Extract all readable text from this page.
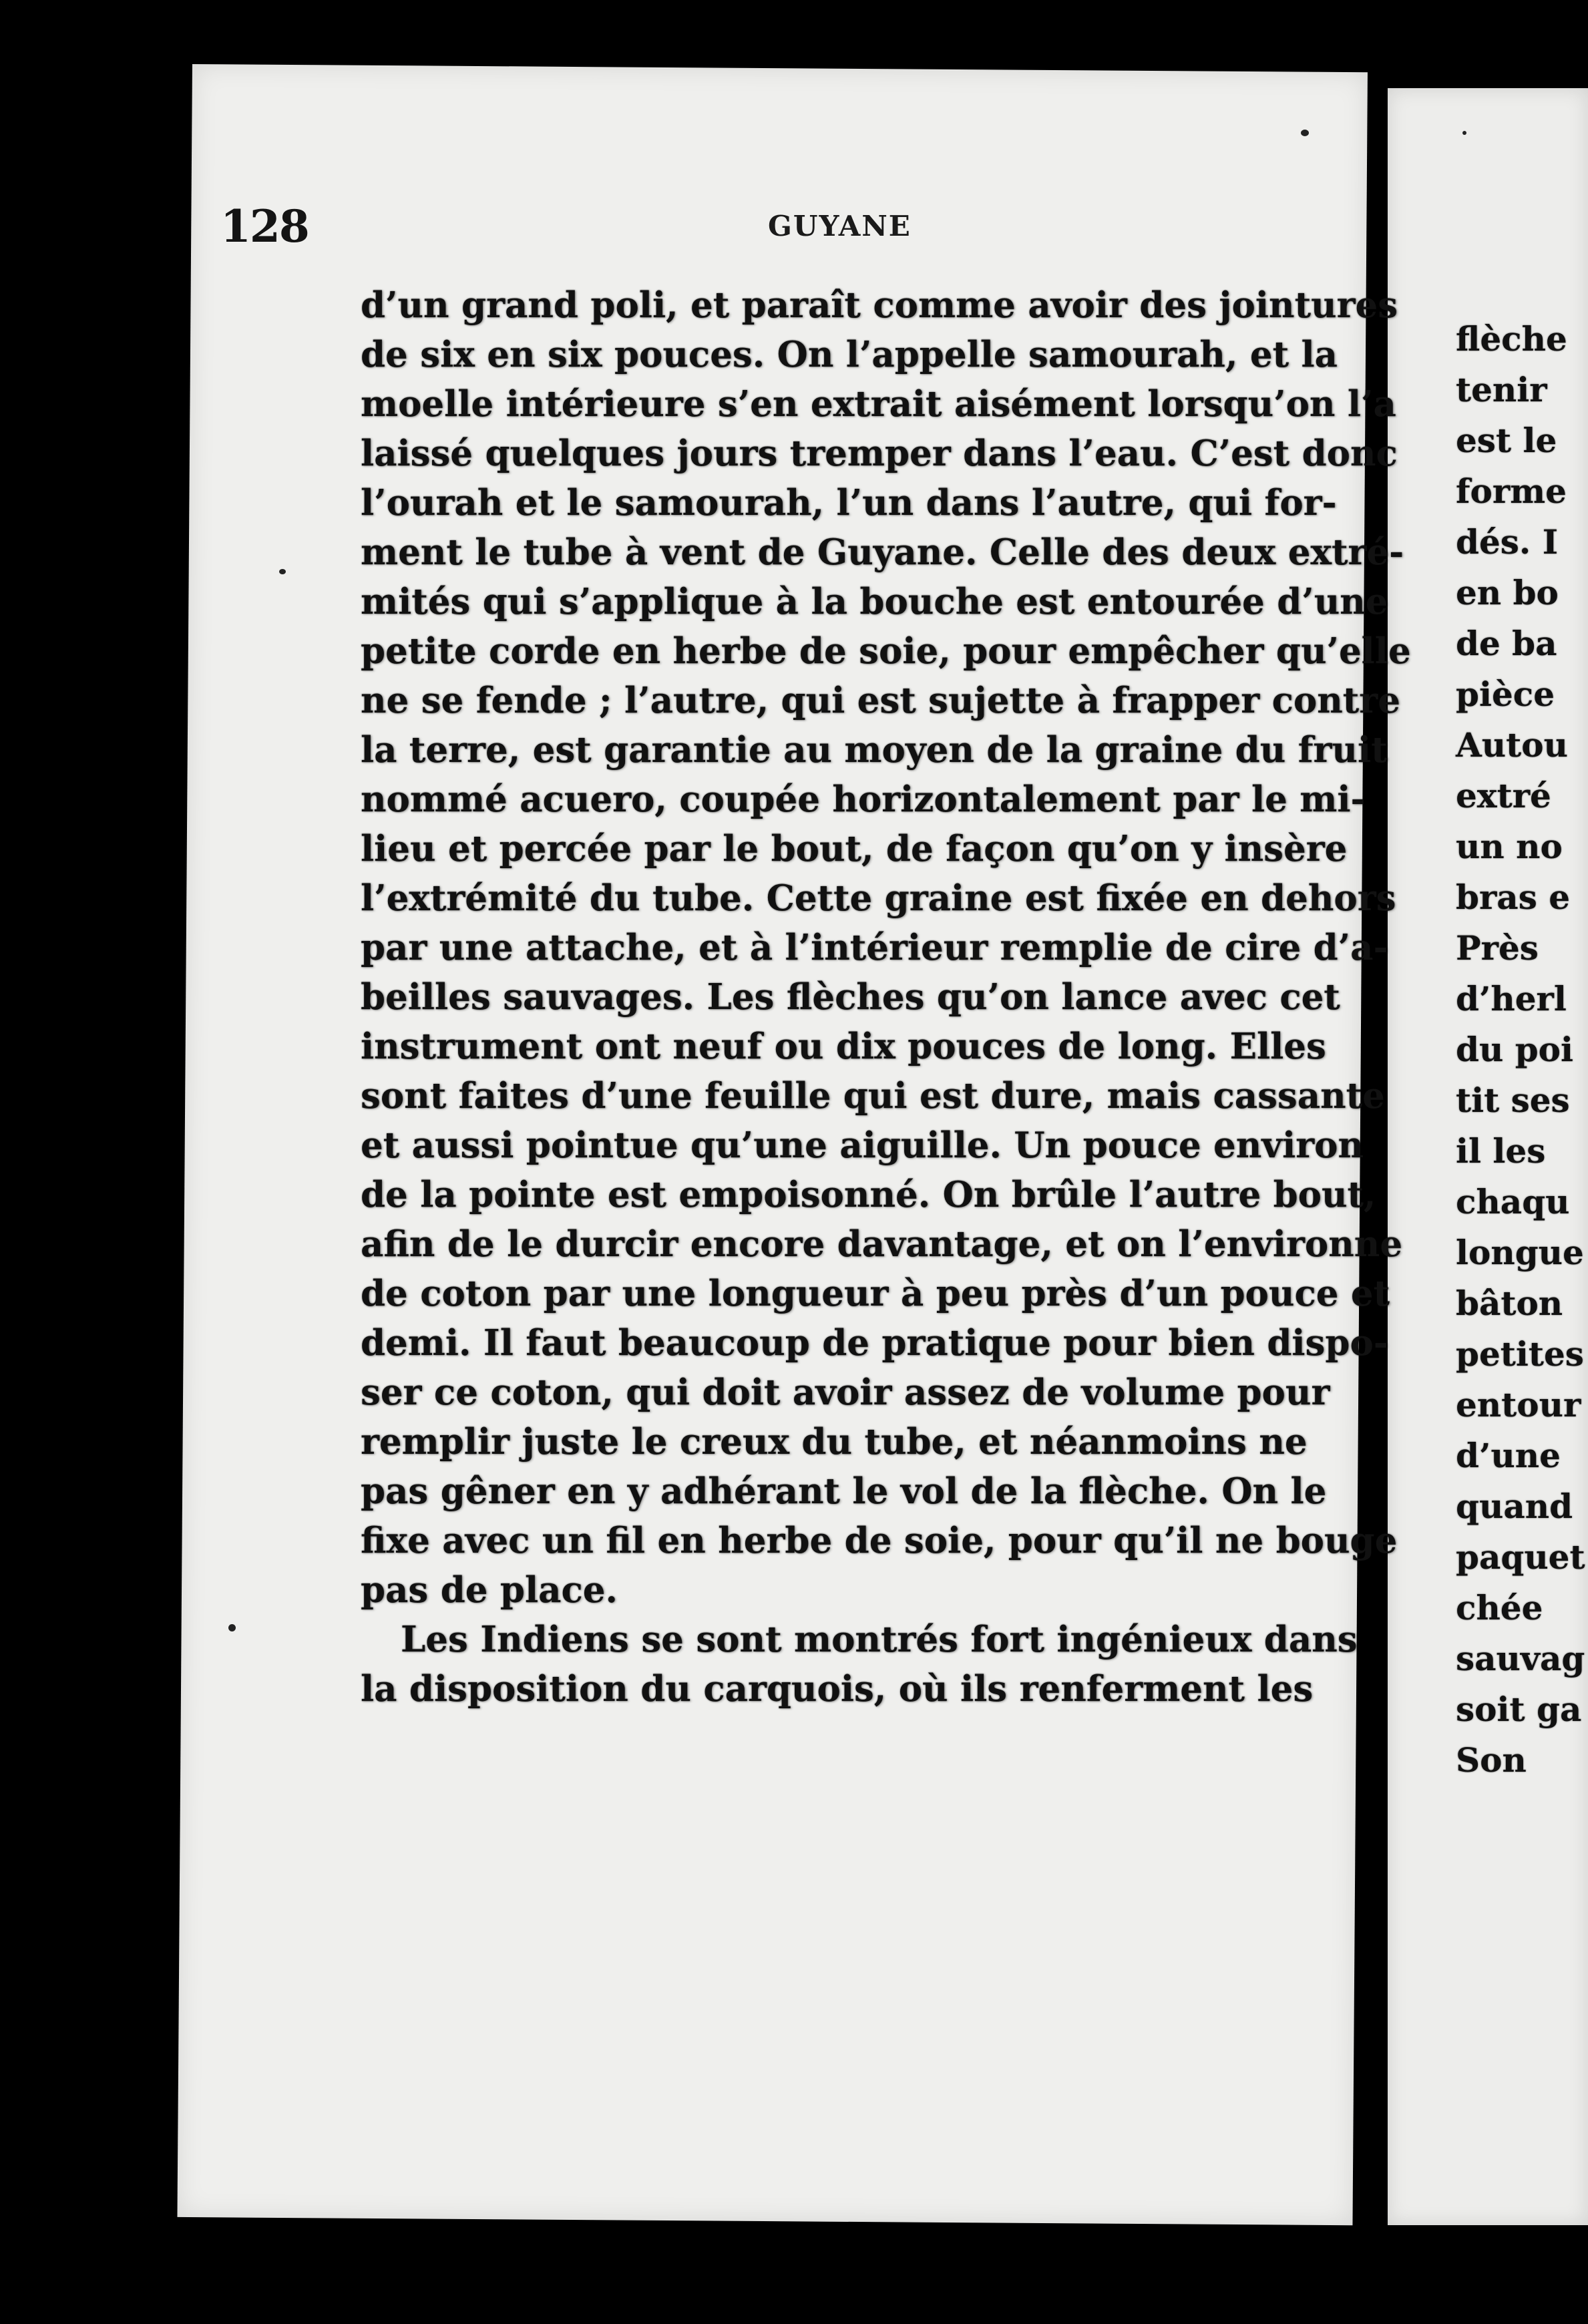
128	GUYANE
d’un grand poli, et paraît comme avoir des jointures
de six en six pouces. On l’appelle samourah, et la
moelle intérieure s’en extrait aisément lorsqu’on l’a
laissé quelques jours tremper dans l’eau. C’est donc
l’ourah et le samourah, l’un dans l’autre, qui for-
ment le tube à vent de Guyane. Celle des deux extré-
mités qui s’applique à la bouche est entourée d’une
petite corde en herbe de soie, pour empêcher qu’elle
ne se fende ; l’autre, qui est sujette à frapper contre
la terre, est garantie au moyen de la graine du fruit
nommé acuero, coupée horizontalement par le mi-
lieu et percée par le bout, de façon qu’on y insère
l’extrémité du tube. Cette graine est fixée en dehors
par une attache, et à l’intérieur remplie de cire d’a-
beilles sauvages. Les flèches qu’on lance avec cet
instrument ont neuf ou dix pouces de long. Elles
sont faites d’une feuille qui est dure, mais cassante
et aussi pointue qu’une aiguille. Un pouce environ
de la pointe est empoisonné. On brûle l’autre bout,
afin de le durcir encore davantage, et on l’environne
de coton par une longueur à peu près d’un pouce et
demi. Il faut beaucoup de pratique pour bien dispo-
ser ce coton, qui doit avoir assez de volume pour
remplir juste le creux du tube, et néanmoins ne
pas gêner en y adhérant le vol de la flèche. On le
fixe avec un fil en herbe de soie, pour qu’il ne bouge
pas de place.
Les Indiens se sont montrés fort ingénieux dans
la disposition du carquois, où ils renferment les
flèche
tenir
est le
forme
dés. I
en bo
de ba
pièce
Autou
extré
un no
bras e
Près
d’herl
du poi
tit ses
il les
chaqu
longue
bâton
petites
entour
d’une
quand
paquet
chée
sauvag
soit ga
Son
